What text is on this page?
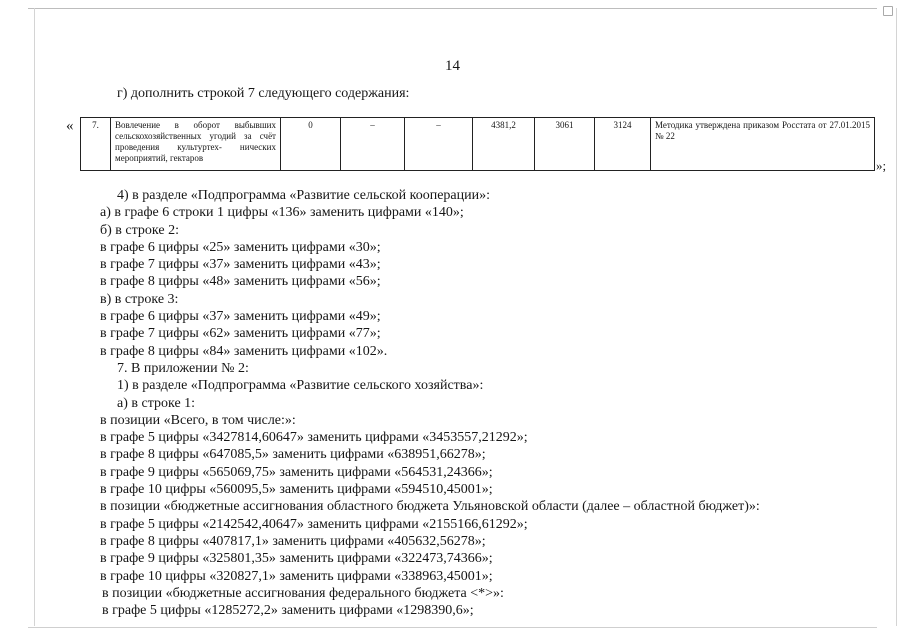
14
г) дополнить строкой 7 следующего содержания:
« 7.	Вовлечение в оборот выбывших сельскохозяйственных угодий за счёт проведения культуртех- нических мероприятий, гектаров	0	–	–	4381,2	3061	3124	Методика утверждена приказом Росстата от 27.01.2015 № 22
»;
4) в разделе «Подпрограмма «Развитие сельской кооперации»:
а) в графе 6 строки 1 цифры «136» заменить цифрами «140»;
б) в строке 2:
в графе 6 цифры «25» заменить цифрами «30»;
в графе 7 цифры «37» заменить цифрами «43»;
в графе 8 цифры «48» заменить цифрами «56»;
в) в строке 3:
в графе 6 цифры «37» заменить цифрами «49»;
в графе 7 цифры «62» заменить цифрами «77»;
в графе 8 цифры «84» заменить цифрами «102».
7. В приложении № 2:
1) в разделе «Подпрограмма «Развитие сельского хозяйства»:
а) в строке 1:
в позиции «Всего, в том числе:»:
в графе 5 цифры «3427814,60647» заменить цифрами «3453557,21292»;
в графе 8 цифры «647085,5» заменить цифрами «638951,66278»;
в графе 9 цифры «565069,75» заменить цифрами «564531,24366»;
в графе 10 цифры «560095,5» заменить цифрами «594510,45001»;
в позиции «бюджетные ассигнования областного бюджета Ульяновской области (далее – областной бюджет)»:
в графе 5 цифры «2142542,40647» заменить цифрами «2155166,61292»;
в графе 8 цифры «407817,1» заменить цифрами «405632,56278»;
в графе 9 цифры «325801,35» заменить цифрами «322473,74366»;
в графе 10 цифры «320827,1» заменить цифрами «338963,45001»;
в позиции «бюджетные ассигнования федерального бюджета <*>»:
в графе 5 цифры «1285272,2» заменить цифрами «1298390,6»;
